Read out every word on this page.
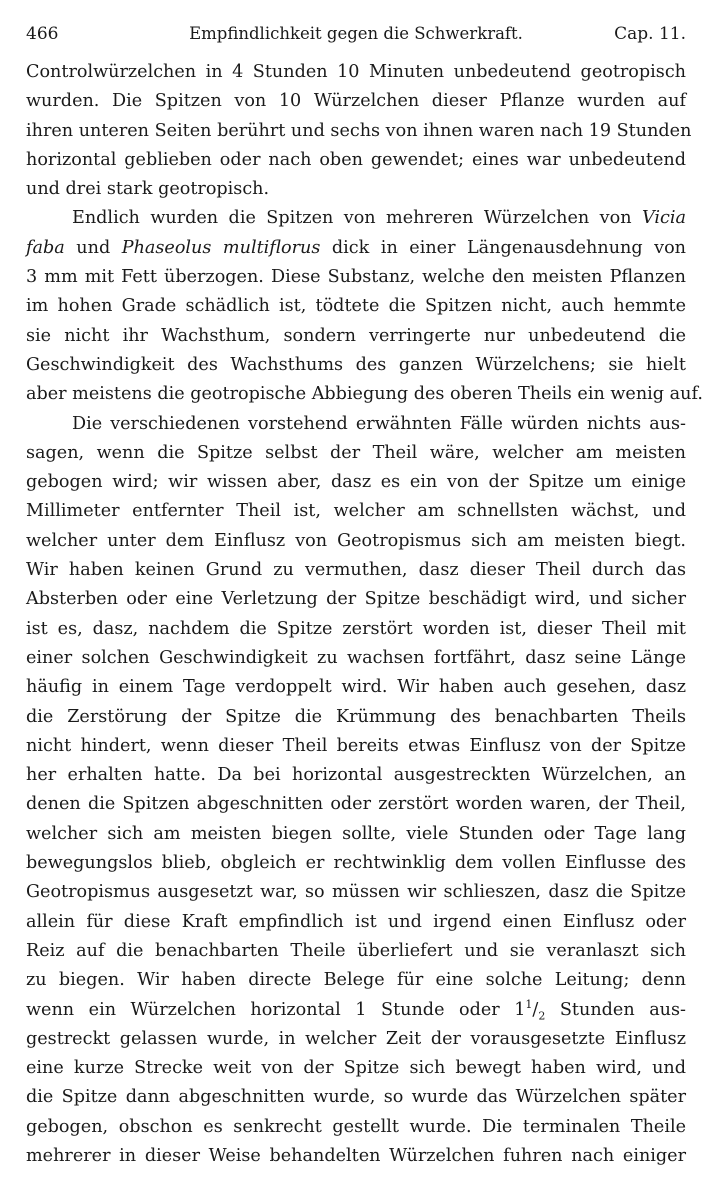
466	Empfindlichkeit gegen die Schwerkraft.	Cap. 11.
Controlwürzelchen in 4 Stunden 10 Minuten unbedeutend geotropisch
wurden. Die Spitzen von 10 Würzelchen dieser Pflanze wurden auf
ihren unteren Seiten berührt und sechs von ihnen waren nach 19 Stunden
horizontal geblieben oder nach oben gewendet; eines war unbedeutend
und drei stark geotropisch.
Endlich wurden die Spitzen von mehreren Würzelchen von Vicia
faba und Phaseolus multiflorus dick in einer Längenausdehnung von
3 mm mit Fett überzogen. Diese Substanz, welche den meisten Pflanzen
im hohen Grade schädlich ist, tödtete die Spitzen nicht, auch hemmte
sie nicht ihr Wachsthum, sondern verringerte nur unbedeutend die
Geschwindigkeit des Wachsthums des ganzen Würzelchens; sie hielt
aber meistens die geotropische Abbiegung des oberen Theils ein wenig auf.
Die verschiedenen vorstehend erwähnten Fälle würden nichts aus-
sagen, wenn die Spitze selbst der Theil wäre, welcher am meisten
gebogen wird; wir wissen aber, dasz es ein von der Spitze um einige
Millimeter entfernter Theil ist, welcher am schnellsten wächst, und
welcher unter dem Einflusz von Geotropismus sich am meisten biegt.
Wir haben keinen Grund zu vermuthen, dasz dieser Theil durch das
Absterben oder eine Verletzung der Spitze beschädigt wird, und sicher
ist es, dasz, nachdem die Spitze zerstört worden ist, dieser Theil mit
einer solchen Geschwindigkeit zu wachsen fortfährt, dasz seine Länge
häufig in einem Tage verdoppelt wird. Wir haben auch gesehen, dasz
die Zerstörung der Spitze die Krümmung des benachbarten Theils
nicht hindert, wenn dieser Theil bereits etwas Einflusz von der Spitze
her erhalten hatte. Da bei horizontal ausgestreckten Würzelchen, an
denen die Spitzen abgeschnitten oder zerstört worden waren, der Theil,
welcher sich am meisten biegen sollte, viele Stunden oder Tage lang
bewegungslos blieb, obgleich er rechtwinklig dem vollen Einflusse des
Geotropismus ausgesetzt war, so müssen wir schlieszen, dasz die Spitze
allein für diese Kraft empfindlich ist und irgend einen Einflusz oder
Reiz auf die benachbarten Theile überliefert und sie veranlaszt sich
zu biegen. Wir haben directe Belege für eine solche Leitung; denn
wenn ein Würzelchen horizontal 1 Stunde oder $1^1/_2$ Stunden aus-
gestreckt gelassen wurde, in welcher Zeit der vorausgesetzte Einflusz
eine kurze Strecke weit von der Spitze sich bewegt haben wird, und
die Spitze dann abgeschnitten wurde, so wurde das Würzelchen später
gebogen, obschon es senkrecht gestellt wurde. Die terminalen Theile
mehrerer in dieser Weise behandelten Würzelchen fuhren nach einiger
